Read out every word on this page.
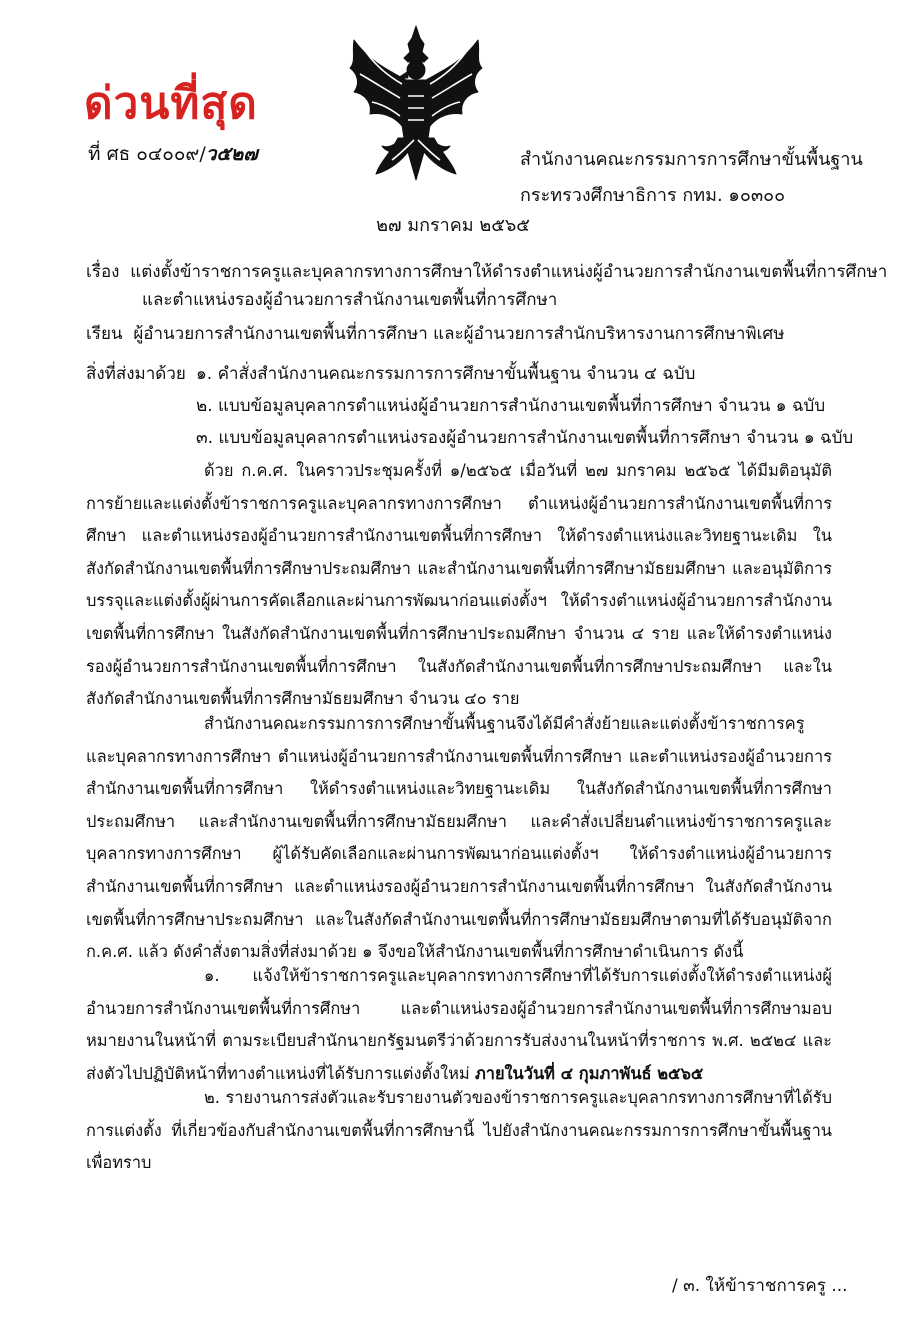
ด่วนที่สุด
ที่ ศธ ๐๔๐๐๙/ว๕๒๗	สำนักงานคณะกรรมการการศึกษาขั้นพื้นฐาน
กระทรวงศึกษาธิการ กทม. ๑๐๓๐๐
๒๗ มกราคม ๒๕๖๕
เรื่อง แต่งตั้งข้าราชการครูและบุคลากรทางการศึกษาให้ดำรงตำแหน่งผู้อำนวยการสำนักงานเขตพื้นที่การศึกษา
และตำแหน่งรองผู้อำนวยการสำนักงานเขตพื้นที่การศึกษา
เรียน ผู้อำนวยการสำนักงานเขตพื้นที่การศึกษา และผู้อำนวยการสำนักบริหารงานการศึกษาพิเศษ
สิ่งที่ส่งมาด้วย ๑. คำสั่งสำนักงานคณะกรรมการการศึกษาขั้นพื้นฐาน จำนวน ๔ ฉบับ
๒. แบบข้อมูลบุคลากรตำแหน่งผู้อำนวยการสำนักงานเขตพื้นที่การศึกษา จำนวน ๑ ฉบับ
๓. แบบข้อมูลบุคลากรตำแหน่งรองผู้อำนวยการสำนักงานเขตพื้นที่การศึกษา จำนวน ๑ ฉบับ

ด้วย ก.ค.ศ. ในคราวประชุมครั้งที่ ๑/๒๕๖๕ เมื่อวันที่ ๒๗ มกราคม ๒๕๖๕ ได้มีมติอนุมัติการย้ายและแต่งตั้งข้าราชการครูและบุคลากรทางการศึกษา ตำแหน่งผู้อำนวยการสำนักงานเขตพื้นที่การศึกษา และตำแหน่งรองผู้อำนวยการสำนักงานเขตพื้นที่การศึกษา ให้ดำรงตำแหน่งและวิทยฐานะเดิม ในสังกัดสำนักงานเขตพื้นที่การศึกษาประถมศึกษา และสำนักงานเขตพื้นที่การศึกษามัธยมศึกษา และอนุมัติการบรรจุและแต่งตั้งผู้ผ่านการคัดเลือกและผ่านการพัฒนาก่อนแต่งตั้งฯ ให้ดำรงตำแหน่งผู้อำนวยการสำนักงานเขตพื้นที่การศึกษา ในสังกัดสำนักงานเขตพื้นที่การศึกษาประถมศึกษา จำนวน ๔ ราย และให้ดำรงตำแหน่งรองผู้อำนวยการสำนักงานเขตพื้นที่การศึกษา ในสังกัดสำนักงานเขตพื้นที่การศึกษาประถมศึกษา และในสังกัดสำนักงานเขตพื้นที่การศึกษามัธยมศึกษา จำนวน ๔๐ ราย

สำนักงานคณะกรรมการการศึกษาขั้นพื้นฐานจึงได้มีคำสั่งย้ายและแต่งตั้งข้าราชการครูและบุคลากรทางการศึกษา ตำแหน่งผู้อำนวยการสำนักงานเขตพื้นที่การศึกษา และตำแหน่งรองผู้อำนวยการสำนักงานเขตพื้นที่การศึกษา ให้ดำรงตำแหน่งและวิทยฐานะเดิม ในสังกัดสำนักงานเขตพื้นที่การศึกษาประถมศึกษา และสำนักงานเขตพื้นที่การศึกษามัธยมศึกษา และคำสั่งเปลี่ยนตำแหน่งข้าราชการครูและบุคลากรทางการศึกษา ผู้ได้รับคัดเลือกและผ่านการพัฒนาก่อนแต่งตั้งฯ ให้ดำรงตำแหน่งผู้อำนวยการสำนักงานเขตพื้นที่การศึกษา และตำแหน่งรองผู้อำนวยการสำนักงานเขตพื้นที่การศึกษา ในสังกัดสำนักงานเขตพื้นที่การศึกษาประถมศึกษา และในสังกัดสำนักงานเขตพื้นที่การศึกษามัธยมศึกษาตามที่ได้รับอนุมัติจาก ก.ค.ศ. แล้ว ดังคำสั่งตามสิ่งที่ส่งมาด้วย ๑ จึงขอให้สำนักงานเขตพื้นที่การศึกษาดำเนินการ ดังนี้

๑. แจ้งให้ข้าราชการครูและบุคลากรทางการศึกษาที่ได้รับการแต่งตั้งให้ดำรงตำแหน่งผู้อำนวยการสำนักงานเขตพื้นที่การศึกษา และตำแหน่งรองผู้อำนวยการสำนักงานเขตพื้นที่การศึกษามอบหมายงานในหน้าที่ ตามระเบียบสำนักนายกรัฐมนตรีว่าด้วยการรับส่งงานในหน้าที่ราชการ พ.ศ. ๒๕๒๔ และส่งตัวไปปฏิบัติหน้าที่ทางตำแหน่งที่ได้รับการแต่งตั้งใหม่ ภายในวันที่ ๔ กุมภาพันธ์ ๒๕๖๕

๒. รายงานการส่งตัวและรับรายงานตัวของข้าราชการครูและบุคลากรทางการศึกษาที่ได้รับการแต่งตั้ง ที่เกี่ยวข้องกับสำนักงานเขตพื้นที่การศึกษานี้ ไปยังสำนักงานคณะกรรมการการศึกษาขั้นพื้นฐานเพื่อทราบ

/ ๓. ให้ข้าราชการครู ...
